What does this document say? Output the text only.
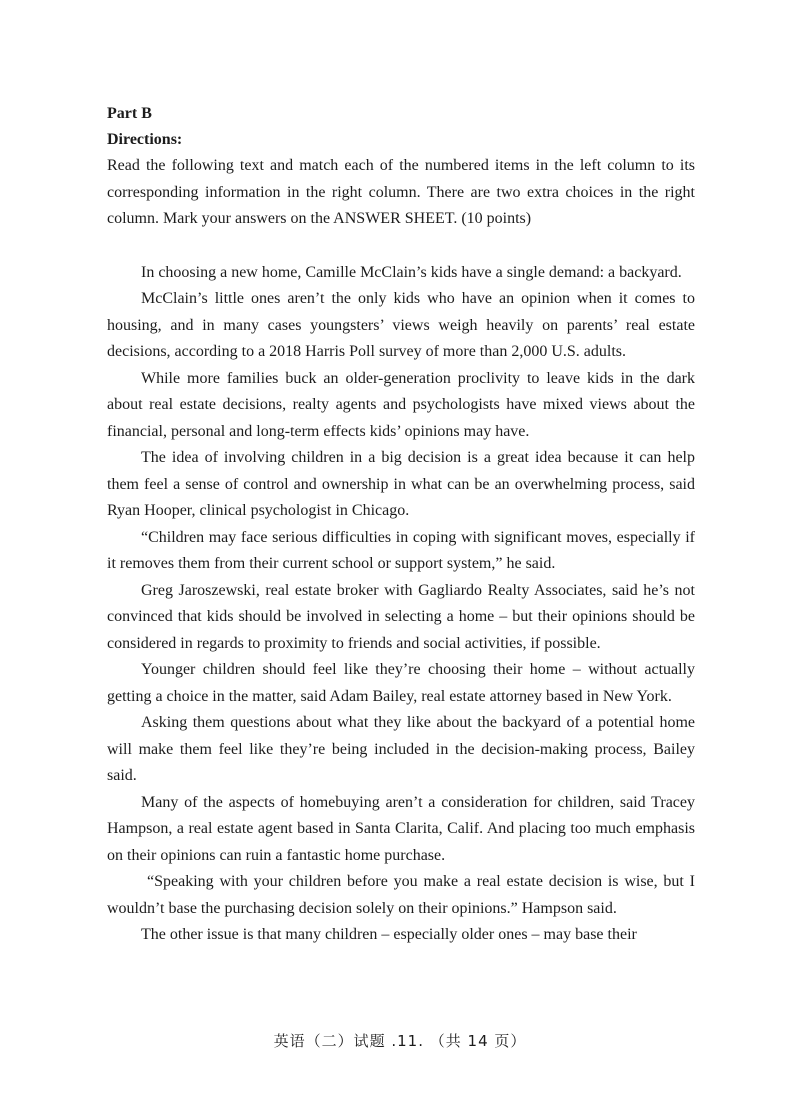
Part B

Directions:

Read the following text and match each of the numbered items in the left column to its corresponding information in the right column. There are two extra choices in the right column. Mark your answers on the ANSWER SHEET. (10 points)

In choosing a new home, Camille McClain’s kids have a single demand: a backyard.

McClain’s little ones aren’t the only kids who have an opinion when it comes to housing, and in many cases youngsters’ views weigh heavily on parents’ real estate decisions, according to a 2018 Harris Poll survey of more than 2,000 U.S. adults.

While more families buck an older-generation proclivity to leave kids in the dark about real estate decisions, realty agents and psychologists have mixed views about the financial, personal and long-term effects kids’ opinions may have.

The idea of involving children in a big decision is a great idea because it can help them feel a sense of control and ownership in what can be an overwhelming process, said Ryan Hooper, clinical psychologist in Chicago.

“Children may face serious difficulties in coping with significant moves, especially if it removes them from their current school or support system,” he said.

Greg Jaroszewski, real estate broker with Gagliardo Realty Associates, said he’s not convinced that kids should be involved in selecting a home – but their opinions should be considered in regards to proximity to friends and social activities, if possible.

Younger children should feel like they’re choosing their home – without actually getting a choice in the matter, said Adam Bailey, real estate attorney based in New York.

Asking them questions about what they like about the backyard of a potential home will make them feel like they’re being included in the decision-making process, Bailey said.

Many of the aspects of homebuying aren’t a consideration for children, said Tracey Hampson, a real estate agent based in Santa Clarita, Calif. And placing too much emphasis on their opinions can ruin a fantastic home purchase.

“Speaking with your children before you make a real estate decision is wise, but I wouldn’t base the purchasing decision solely on their opinions.” Hampson said.

The other issue is that many children – especially older ones – may base their

英语（二）试题 .11. （共 14 页）
